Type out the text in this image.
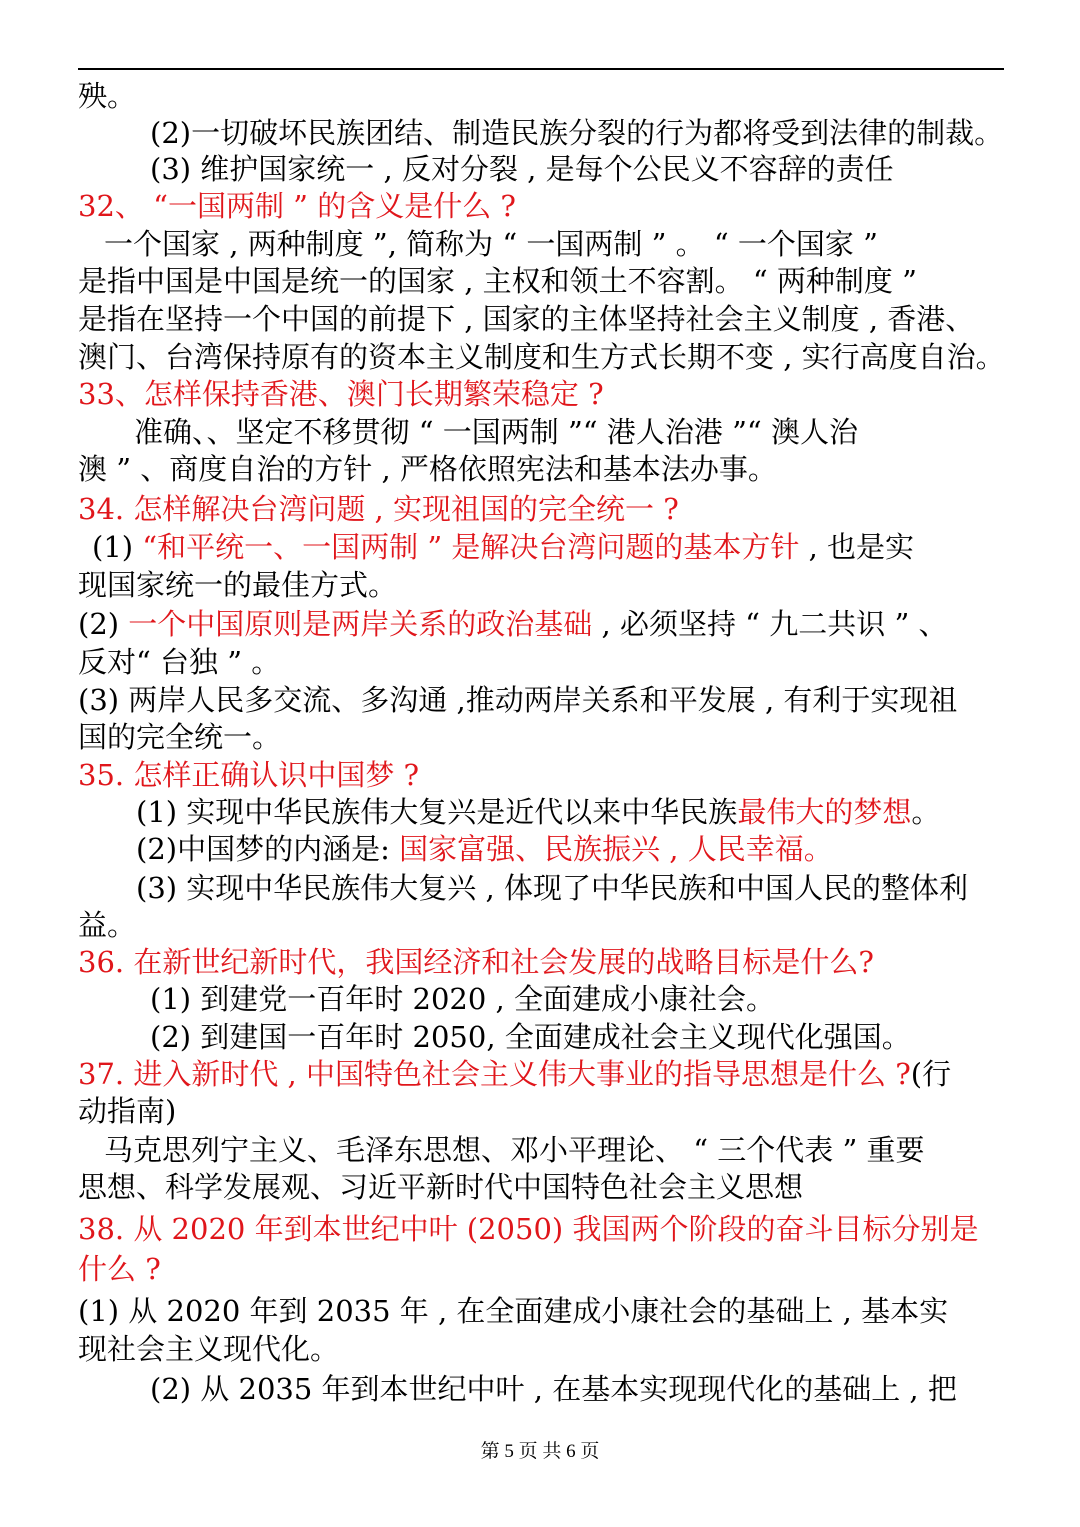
殃。
(2)一切破坏民族团结、制造民族分裂的行为都将受到法律的制裁。
(3) 维护国家统一 , 反对分裂 , 是每个公民义不容辞的责任
32、 “一国两制 ” 的含义是什么 ?
一个国家 , 两种制度 ”, 简称为 “ 一国两制 ” 。 “ 一个国家 ”
是指中国是中国是统一的国家 , 主权和领土不容割。 “ 两种制度 ”
是指在坚持一个中国的前提下 , 国家的主体坚持社会主义制度 , 香港、
澳门、台湾保持原有的资本主义制度和生方式长期不变 , 实行高度自治。
33、怎样保持香港、澳门长期繁荣稳定 ?
准确、、坚定不移贯彻 “ 一国两制 ”“ 港人治港 ”“ 澳人治
澳 ” 、商度自治的方针 , 严格依照宪法和基本法办事。
34. 怎样解决台湾问题 , 实现祖国的完全统一 ?
(1) “和平统一、一国两制 ” 是解决台湾问题的基本方针 , 也是实
现国家统一的最佳方式。
(2) 一个中国原则是两岸关系的政治基础 , 必须坚持 “ 九二共识 ” 、
反对“ 台独 ” 。
(3) 两岸人民多交流、多沟通 ,推动两岸关系和平发展 , 有利于实现祖
国的完全统一。
35. 怎样正确认识中国梦 ?
(1) 实现中华民族伟大复兴是近代以来中华民族最伟大的梦想。
(2)中国梦的内涵是: 国家富强、民族振兴 , 人民幸福。
(3) 实现中华民族伟大复兴 , 体现了中华民族和中国人民的整体利
益。
36. 在新世纪新时代，我国经济和社会发展的战略目标是什么?
(1) 到建党一百年时 2020 , 全面建成小康社会。
(2) 到建国一百年时 2050, 全面建成社会主义现代化强国。
37. 进入新时代 , 中国特色社会主义伟大事业的指导思想是什么 ?(行
动指南)
马克思列宁主义、毛泽东思想、邓小平理论、 “ 三个代表 ” 重要
思想、科学发展观、习近平新时代中国特色社会主义思想
38. 从 2020 年到本世纪中叶 (2050) 我国两个阶段的奋斗目标分别是
什么 ?
(1) 从 2020 年到 2035 年 , 在全面建成小康社会的基础上 , 基本实
现社会主义现代化。
(2) 从 2035 年到本世纪中叶 , 在基本实现现代化的基础上 , 把
第 5 页 共 6 页
